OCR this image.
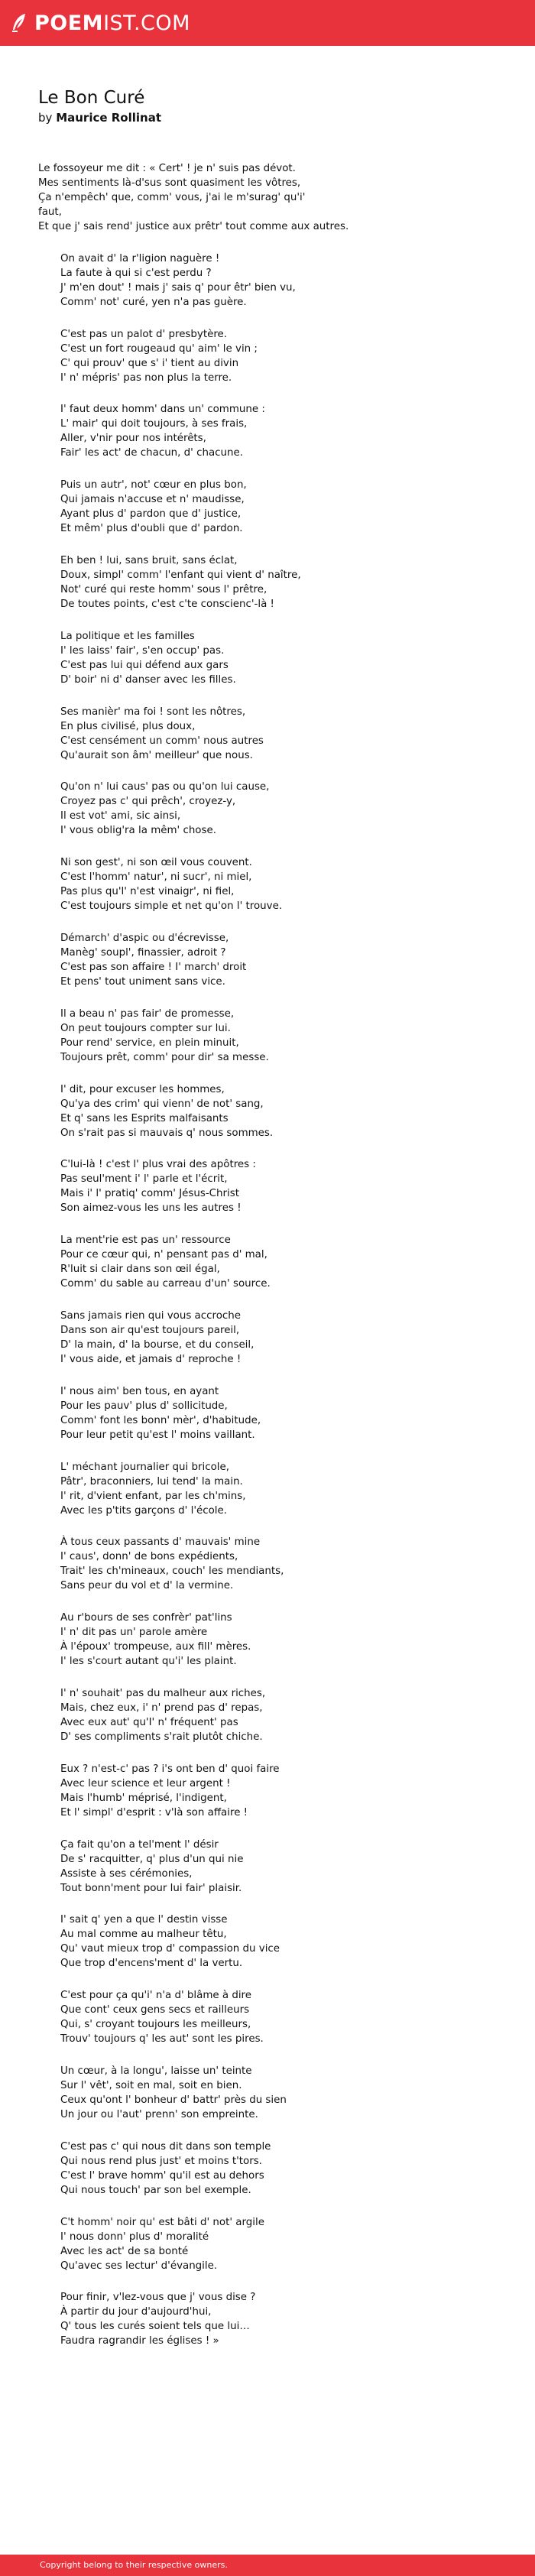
POEMIST.COM
Le Bon Curé
by Maurice Rollinat
Le fossoyeur me dit : « Cert' ! je n' suis pas dévot.
Mes sentiments là-d'sus sont quasiment les vôtres,
Ça n'empêch' que, comm' vous, j'ai le m'surag' qu'i'
faut,
Et que j' sais rend' justice aux prêtr' tout comme aux autres.
On avait d' la r'ligion naguère !
La faute à qui si c'est perdu ?
J' m'en dout' ! mais j' sais q' pour êtr' bien vu,
Comm' not' curé, yen n'a pas guère.
C'est pas un palot d' presbytère.
C'est un fort rougeaud qu' aim' le vin ;
C' qui prouv' que s' i' tient au divin
I' n' mépris' pas non plus la terre.
I' faut deux homm' dans un' commune :
L' mair' qui doit toujours, à ses frais,
Aller, v'nir pour nos intérêts,
Fair' les act' de chacun, d' chacune.
Puis un autr', not' cœur en plus bon,
Qui jamais n'accuse et n' maudisse,
Ayant plus d' pardon que d' justice,
Et mêm' plus d'oubli que d' pardon.
Eh ben ! lui, sans bruit, sans éclat,
Doux, simpl' comm' l'enfant qui vient d' naître,
Not' curé qui reste homm' sous l' prêtre,
De toutes points, c'est c'te conscienc'-là !
La politique et les familles
I' les laiss' fair', s'en occup' pas.
C'est pas lui qui défend aux gars
D' boir' ni d' danser avec les filles.
Ses manièr' ma foi ! sont les nôtres,
En plus civilisé, plus doux,
C'est censément un comm' nous autres
Qu'aurait son âm' meilleur' que nous.
Qu'on n' lui caus' pas ou qu'on lui cause,
Croyez pas c' qui prêch', croyez-y,
Il est vot' ami, sic ainsi,
I' vous oblig'ra la mêm' chose.
Ni son gest', ni son œil vous couvent.
C'est l'homm' natur', ni sucr', ni miel,
Pas plus qu'l' n'est vinaigr', ni fiel,
C'est toujours simple et net qu'on l' trouve.
Démarch' d'aspic ou d'écrevisse,
Manèg' soupl', finassier, adroit ?
C'est pas son affaire ! I' march' droit
Et pens' tout uniment sans vice.
Il a beau n' pas fair' de promesse,
On peut toujours compter sur lui.
Pour rend' service, en plein minuit,
Toujours prêt, comm' pour dir' sa messe.
I' dit, pour excuser les hommes,
Qu'ya des crim' qui vienn' de not' sang,
Et q' sans les Esprits malfaisants
On s'rait pas si mauvais q' nous sommes.
C'lui-là ! c'est l' plus vrai des apôtres :
Pas seul'ment i' l' parle et l'écrit,
Mais i' l' pratiq' comm' Jésus-Christ
Son aimez-vous les uns les autres !
La ment'rie est pas un' ressource
Pour ce cœur qui, n' pensant pas d' mal,
R'luit si clair dans son œil égal,
Comm' du sable au carreau d'un' source.
Sans jamais rien qui vous accroche
Dans son air qu'est toujours pareil,
D' la main, d' la bourse, et du conseil,
I' vous aide, et jamais d' reproche !
I' nous aim' ben tous, en ayant
Pour les pauv' plus d' sollicitude,
Comm' font les bonn' mèr', d'habitude,
Pour leur petit qu'est l' moins vaillant.
L' méchant journalier qui bricole,
Pâtr', braconniers, lui tend' la main.
I' rit, d'vient enfant, par les ch'mins,
Avec les p'tits garçons d' l'école.
À tous ceux passants d' mauvais' mine
I' caus', donn' de bons expédients,
Trait' les ch'mineaux, couch' les mendiants,
Sans peur du vol et d' la vermine.
Au r'bours de ses confrèr' pat'lins
I' n' dit pas un' parole amère
À l'époux' trompeuse, aux fill' mères.
I' les s'court autant qu'i' les plaint.
I' n' souhait' pas du malheur aux riches,
Mais, chez eux, i' n' prend pas d' repas,
Avec eux aut' qu'I' n' fréquent' pas
D' ses compliments s'rait plutôt chiche.
Eux ? n'est-c' pas ? i's ont ben d' quoi faire
Avec leur science et leur argent !
Mais l'humb' méprisé, l'indigent,
Et l' simpl' d'esprit : v'là son affaire !
Ça fait qu'on a tel'ment l' désir
De s' racquitter, q' plus d'un qui nie
Assiste à ses cérémonies,
Tout bonn'ment pour lui fair' plaisir.
I' sait q' yen a que l' destin visse
Au mal comme au malheur têtu,
Qu' vaut mieux trop d' compassion du vice
Que trop d'encens'ment d' la vertu.
C'est pour ça qu'i' n'a d' blâme à dire
Que cont' ceux gens secs et railleurs
Qui, s' croyant toujours les meilleurs,
Trouv' toujours q' les aut' sont les pires.
Un cœur, à la longu', laisse un' teinte
Sur l' vêt', soit en mal, soit en bien.
Ceux qu'ont l' bonheur d' battr' près du sien
Un jour ou l'aut' prenn' son empreinte.
C'est pas c' qui nous dit dans son temple
Qui nous rend plus just' et moins t'tors.
C'est l' brave homm' qu'il est au dehors
Qui nous touch' par son bel exemple.
C't homm' noir qu' est bâti d' not' argile
I' nous donn' plus d' moralité
Avec les act' de sa bonté
Qu'avec ses lectur' d'évangile.
Pour finir, v'lez-vous que j' vous dise ?
À partir du jour d'aujourd'hui,
Q' tous les curés soient tels que lui…
Faudra ragrandir les églises ! »
Copyright belong to their respective owners.
